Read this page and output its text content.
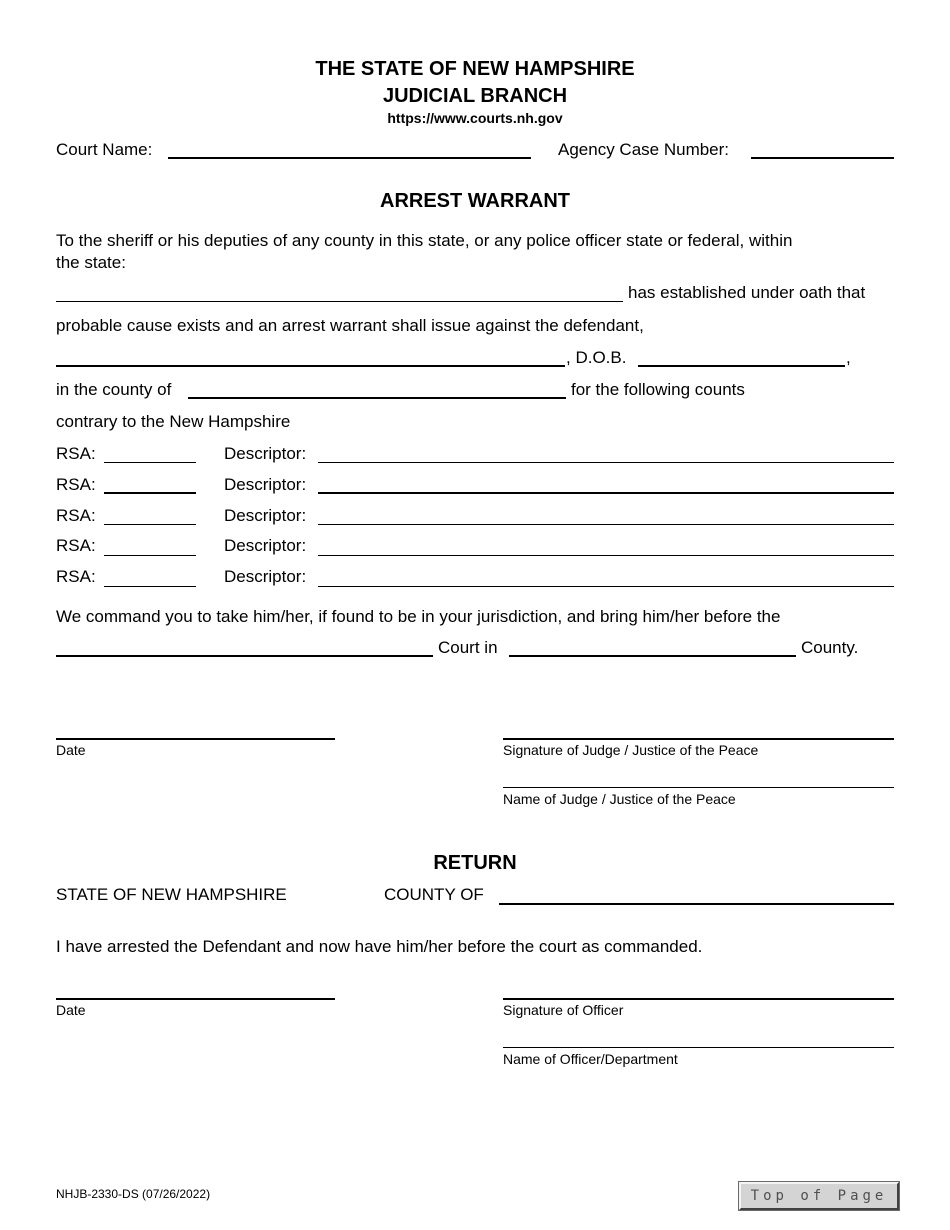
THE STATE OF NEW HAMPSHIRE
JUDICIAL BRANCH
https://www.courts.nh.gov
Court Name:	Agency Case Number:
ARREST WARRANT
To the sheriff or his deputies of any county in this state, or any police officer state or federal, within
the state:
has established under oath that
probable cause exists and an arrest warrant shall issue against the defendant,
, D.O.B.	,
in the county of	for the following counts
contrary to the New Hampshire
RSA:	Descriptor:
RSA:	Descriptor:
RSA:	Descriptor:
RSA:	Descriptor:
RSA:	Descriptor:
We command you to take him/her, if found to be in your jurisdiction, and bring him/her before the
Court in	County.
Date	Signature of Judge / Justice of the Peace
Name of Judge / Justice of the Peace
RETURN
STATE OF NEW HAMPSHIRE	COUNTY OF
I have arrested the Defendant and now have him/her before the court as commanded.
Date	Signature of Officer
Name of Officer/Department
NHJB-2330-DS (07/26/2022)	Top of Page
